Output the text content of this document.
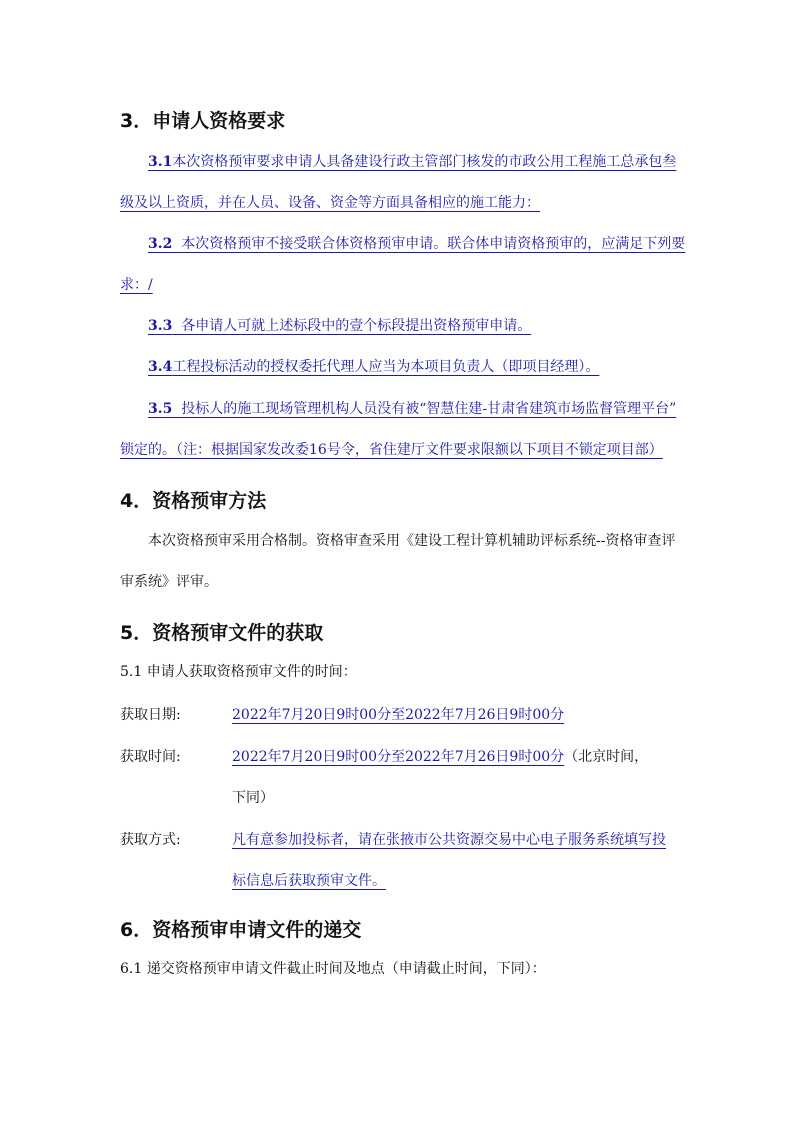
3．申请人资格要求
3.1本次资格预审要求申请人具备建设行政主管部门核发的市政公用工程施工总承包叁
级及以上资质，并在人员、设备、资金等方面具备相应的施工能力：
3.2 本次资格预审不接受联合体资格预审申请。联合体申请资格预审的，应满足下列要
求：/
3.3 各申请人可就上述标段中的壹个标段提出资格预审申请。
3.4工程投标活动的授权委托代理人应当为本项目负责人（即项目经理）。
3.5 投标人的施工现场管理机构人员没有被“智慧住建-甘肃省建筑市场监督管理平台”
锁定的。（注：根据国家发改委16号令，省住建厅文件要求限额以下项目不锁定项目部）
4．资格预审方法
本次资格预审采用合格制。资格审查采用《建设工程计算机辅助评标系统--资格审查评
审系统》评审。
5．资格预审文件的获取
5.1 申请人获取资格预审文件的时间：
获取日期:	2022年7月20日9时00分至2022年7月26日9时00分
获取时间:	2022年7月20日9时00分至2022年7月26日9时00分（北京时间，
下同）
获取方式:	凡有意参加投标者，请在张掖市公共资源交易中心电子服务系统填写投
标信息后获取预审文件。
6．资格预审申请文件的递交
6.1 递交资格预审申请文件截止时间及地点（申请截止时间，下同）：
